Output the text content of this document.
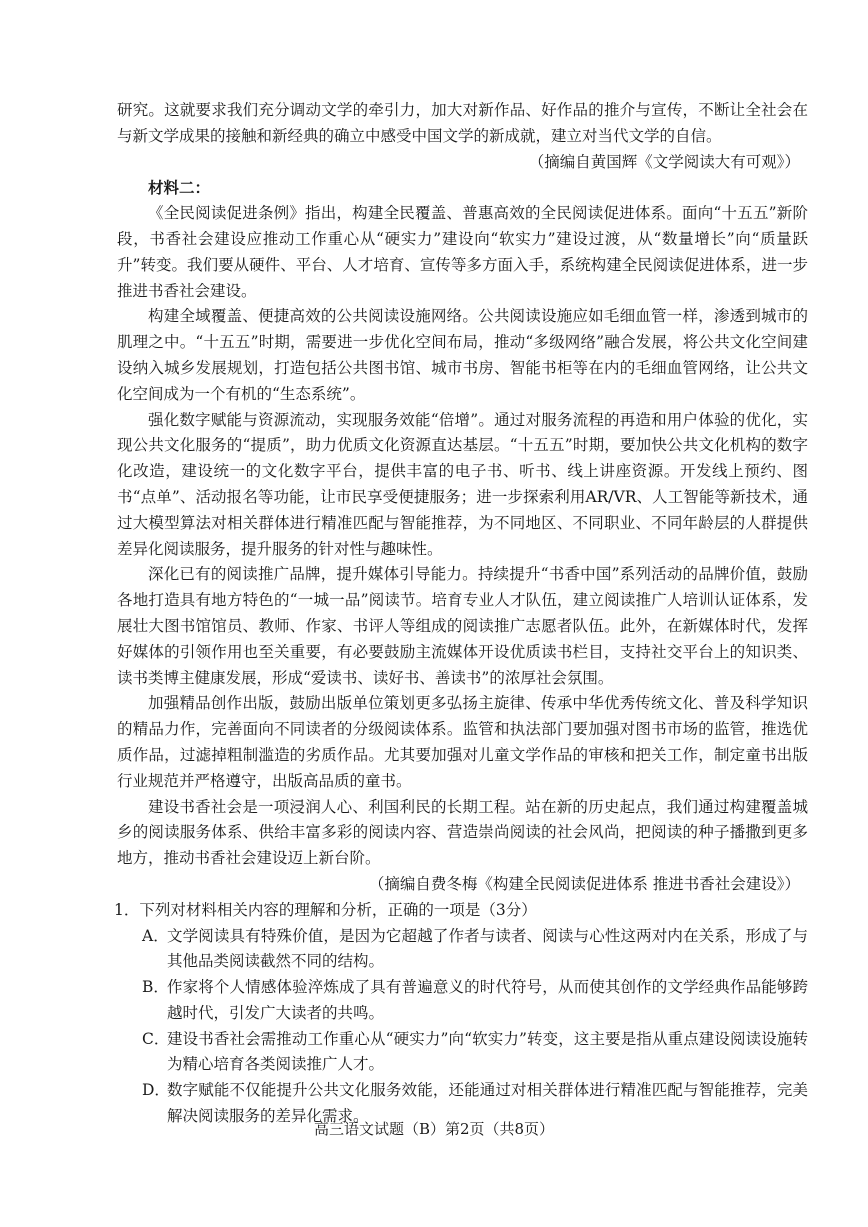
研究。这就要求我们充分调动文学的牵引力，加大对新作品、好作品的推介与宣传，不断让全社会在与新文学成果的接触和新经典的确立中感受中国文学的新成就，建立对当代文学的自信。

（摘编自黄国辉《文学阅读大有可观》）

材料二：

《全民阅读促进条例》指出，构建全民覆盖、普惠高效的全民阅读促进体系。面向“十五五”新阶段，书香社会建设应推动工作重心从“硬实力”建设向“软实力”建设过渡，从“数量增长”向“质量跃升”转变。我们要从硬件、平台、人才培育、宣传等多方面入手，系统构建全民阅读促进体系，进一步推进书香社会建设。

构建全域覆盖、便捷高效的公共阅读设施网络。公共阅读设施应如毛细血管一样，渗透到城市的肌理之中。“十五五”时期，需要进一步优化空间布局，推动“多级网络”融合发展，将公共文化空间建设纳入城乡发展规划，打造包括公共图书馆、城市书房、智能书柜等在内的毛细血管网络，让公共文化空间成为一个有机的“生态系统”。

强化数字赋能与资源流动，实现服务效能“倍增”。通过对服务流程的再造和用户体验的优化，实现公共文化服务的“提质”，助力优质文化资源直达基层。“十五五”时期，要加快公共文化机构的数字化改造，建设统一的文化数字平台，提供丰富的电子书、听书、线上讲座资源。开发线上预约、图书“点单”、活动报名等功能，让市民享受便捷服务；进一步探索利用AR/VR、人工智能等新技术，通过大模型算法对相关群体进行精准匹配与智能推荐，为不同地区、不同职业、不同年龄层的人群提供差异化阅读服务，提升服务的针对性与趣味性。

深化已有的阅读推广品牌，提升媒体引导能力。持续提升“书香中国”系列活动的品牌价值，鼓励各地打造具有地方特色的“一城一品”阅读节。培育专业人才队伍，建立阅读推广人培训认证体系，发展壮大图书馆馆员、教师、作家、书评人等组成的阅读推广志愿者队伍。此外，在新媒体时代，发挥好媒体的引领作用也至关重要，有必要鼓励主流媒体开设优质读书栏目，支持社交平台上的知识类、读书类博主健康发展，形成“爱读书、读好书、善读书”的浓厚社会氛围。

加强精品创作出版，鼓励出版单位策划更多弘扬主旋律、传承中华优秀传统文化、普及科学知识的精品力作，完善面向不同读者的分级阅读体系。监管和执法部门要加强对图书市场的监管，推选优质作品，过滤掉粗制滥造的劣质作品。尤其要加强对儿童文学作品的审核和把关工作，制定童书出版行业规范并严格遵守，出版高品质的童书。

建设书香社会是一项浸润人心、利国利民的长期工程。站在新的历史起点，我们通过构建覆盖城乡的阅读服务体系、供给丰富多彩的阅读内容、营造崇尚阅读的社会风尚，把阅读的种子播撒到更多地方，推动书香社会建设迈上新台阶。

（摘编自费冬梅《构建全民阅读促进体系 推进书香社会建设》）

1．下列对材料相关内容的理解和分析，正确的一项是（3分）

A．
文学阅读具有特殊价值，是因为它超越了作者与读者、阅读与心性这两对内在关系，形成了与其他品类阅读截然不同的结构。
B．
作家将个人情感体验淬炼成了具有普遍意义的时代符号，从而使其创作的文学经典作品能够跨越时代，引发广大读者的共鸣。
C．
建设书香社会需推动工作重心从“硬实力”向“软实力”转变，这主要是指从重点建设阅读设施转为精心培育各类阅读推广人才。
D．
数字赋能不仅能提升公共文化服务效能，还能通过对相关群体进行精准匹配与智能推荐，完美解决阅读服务的差异化需求。
高三语文试题（B）第2页（共8页）
